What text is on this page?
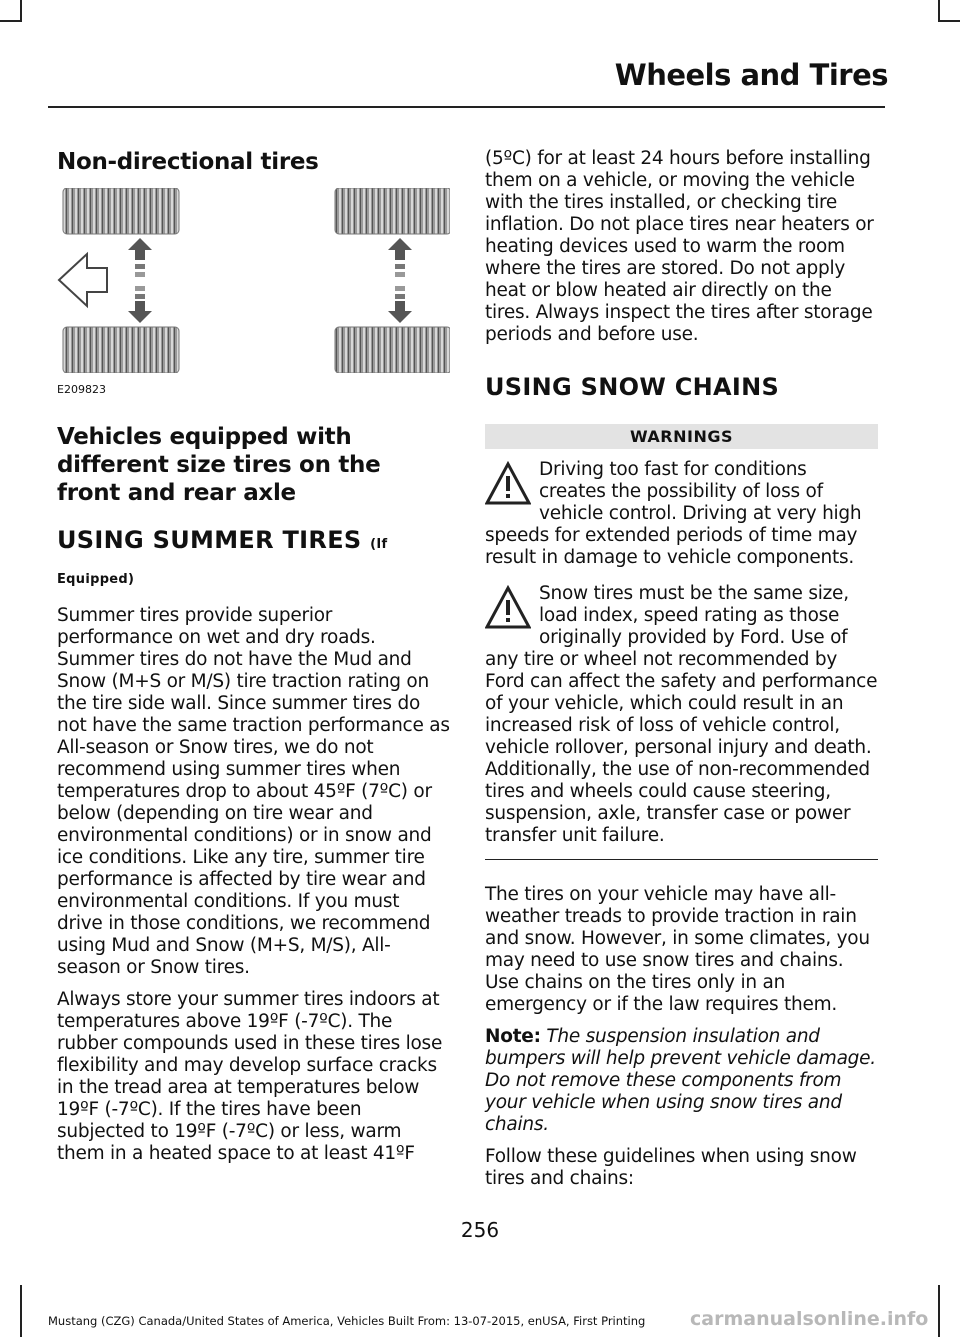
Wheels and Tires
Non-directional tires
E209823
Vehicles equipped with different size tires on the front and rear axle
USING SUMMER TIRES (If Equipped)

Summer tires provide superior performance on wet and dry roads. Summer tires do not have the Mud and Snow (M+S or M/S) tire traction rating on the tire side wall. Since summer tires do not have the same traction performance as All-season or Snow tires, we do not recommend using summer tires when temperatures drop to about 45ºF (7ºC) or below (depending on tire wear and environmental conditions) or in snow and ice conditions. Like any tire, summer tire performance is affected by tire wear and environmental conditions. If you must drive in those conditions, we recommend using Mud and Snow (M+S, M/S), All-season or Snow tires.

Always store your summer tires indoors at temperatures above 19ºF (-7ºC). The rubber compounds used in these tires lose flexibility and may develop surface cracks in the tread area at temperatures below 19ºF (-7ºC). If the tires have been subjected to 19ºF (-7ºC) or less, warm them in a heated space to at least 41ºF

(5ºC) for at least 24 hours before installing them on a vehicle, or moving the vehicle with the tires installed, or checking tire inflation. Do not place tires near heaters or heating devices used to warm the room where the tires are stored. Do not apply heat or blow heated air directly on the tires. Always inspect the tires after storage periods and before use.

USING SNOW CHAINS
WARNINGS

Driving too fast for conditions creates the possibility of loss of vehicle control. Driving at very high speeds for extended periods of time may result in damage to vehicle components.

Snow tires must be the same size, load index, speed rating as those originally provided by Ford. Use of any tire or wheel not recommended by Ford can affect the safety and performance of your vehicle, which could result in an increased risk of loss of vehicle control, vehicle rollover, personal injury and death. Additionally, the use of non-recommended tires and wheels could cause steering, suspension, axle, transfer case or power transfer unit failure.

The tires on your vehicle may have all-weather treads to provide traction in rain and snow. However, in some climates, you may need to use snow tires and chains. Use chains on the tires only in an emergency or if the law requires them.

Note: The suspension insulation and bumpers will help prevent vehicle damage. Do not remove these components from your vehicle when using snow tires and chains.

Follow these guidelines when using snow tires and chains:

256
Mustang (CZG) Canada/United States of America, Vehicles Built From: 13-07-2015, enUSA, First Printing carmanualsonline.info
